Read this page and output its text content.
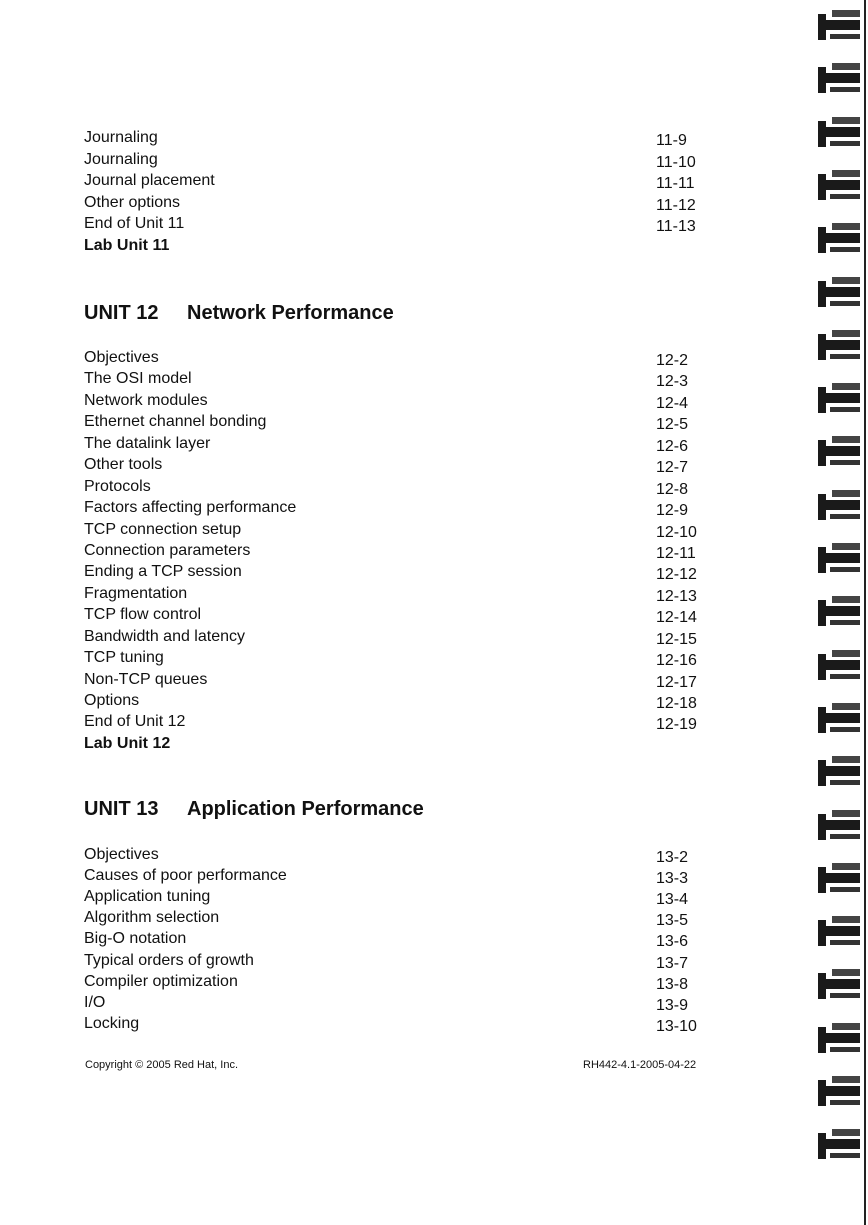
Journaling	11-9
Journaling	11-10
Journal placement	11-11
Other options	11-12
End of Unit 11	11-13
Lab Unit 11
UNIT 12 Network Performance
Objectives	12-2
The OSI model	12-3
Network modules	12-4
Ethernet channel bonding	12-5
The datalink layer	12-6
Other tools	12-7
Protocols	12-8
Factors affecting performance	12-9
TCP connection setup	12-10
Connection parameters	12-11
Ending a TCP session	12-12
Fragmentation	12-13
TCP flow control	12-14
Bandwidth and latency	12-15
TCP tuning	12-16
Non-TCP queues	12-17
Options	12-18
End of Unit 12	12-19
Lab Unit 12
UNIT 13 Application Performance
Objectives	13-2
Causes of poor performance	13-3
Application tuning	13-4
Algorithm selection	13-5
Big-O notation	13-6
Typical orders of growth	13-7
Compiler optimization	13-8
I/O	13-9
Locking	13-10
Copyright © 2005 Red Hat, Inc.	RH442-4.1-2005-04-22
